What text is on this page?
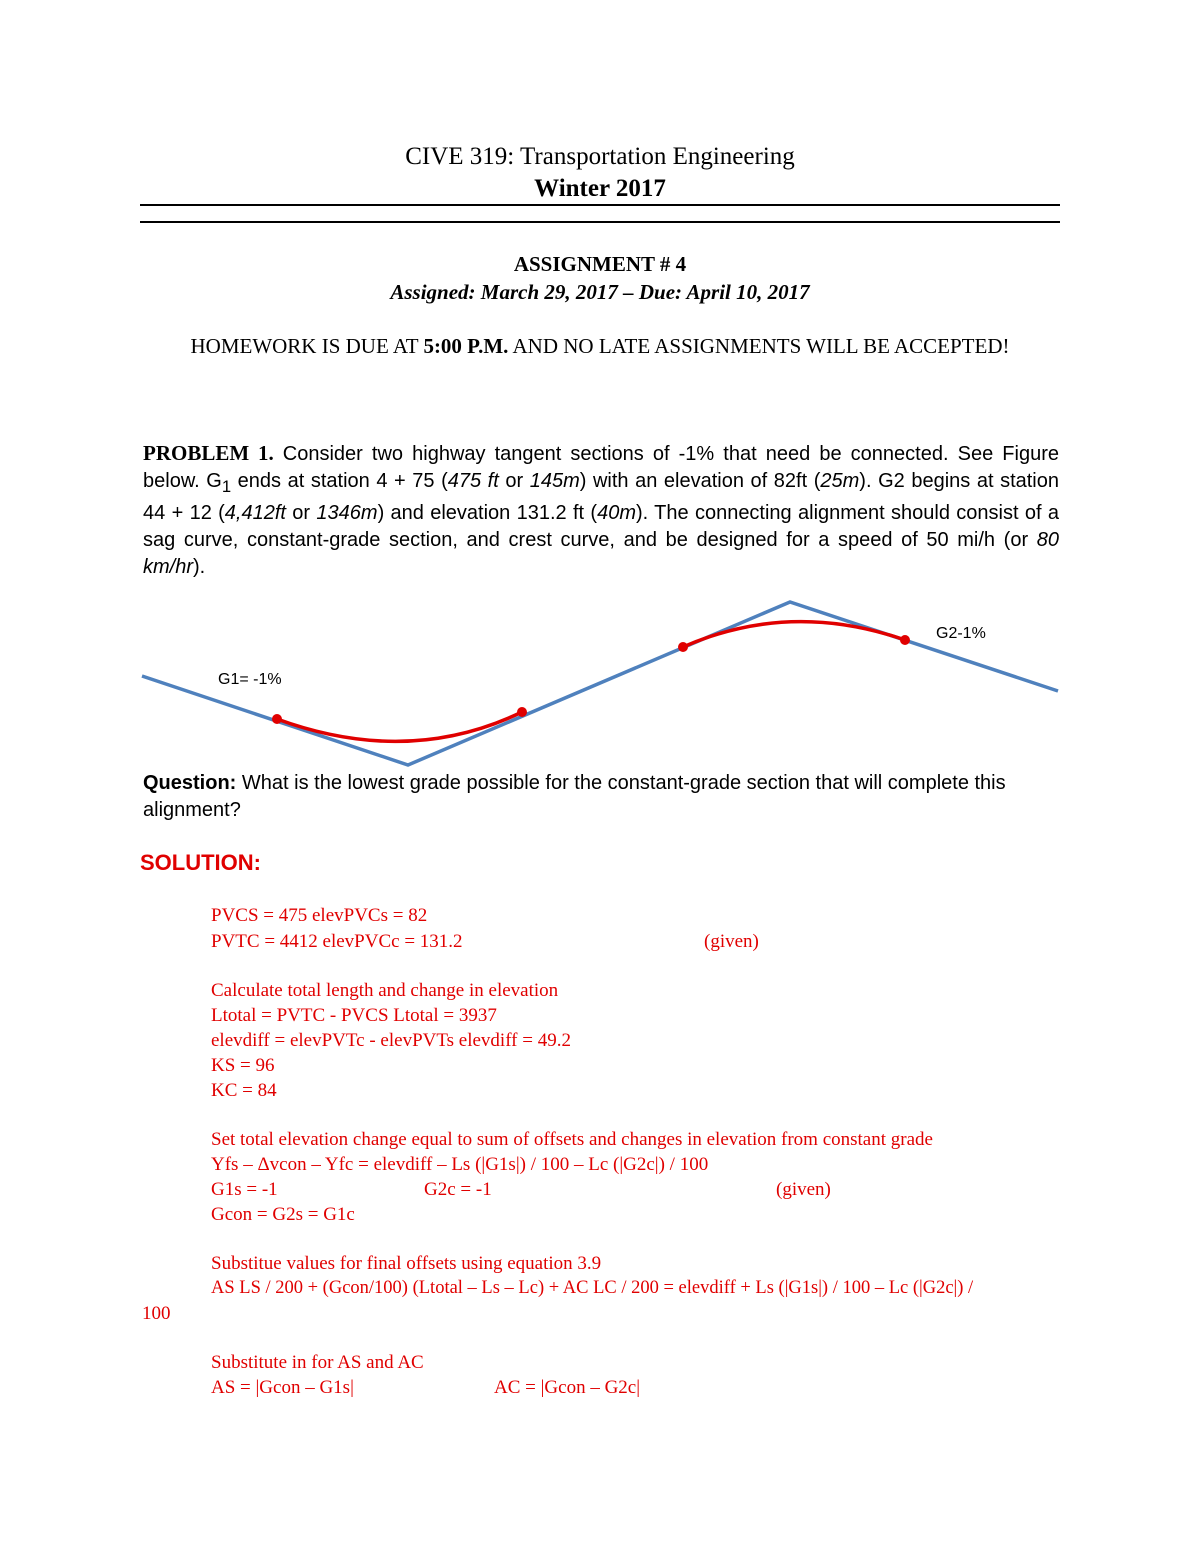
CIVE 319: Transportation Engineering
Winter 2017
ASSIGNMENT # 4
Assigned: March 29, 2017 – Due: April 10, 2017
HOMEWORK IS DUE AT 5:00 P.M. AND NO LATE ASSIGNMENTS WILL BE ACCEPTED!
PROBLEM 1. Consider two highway tangent sections of -1% that need be connected. See Figure below. $G_1$ ends at station 4 + 75 (475 ft or 145m) with an elevation of 82ft (25m). G2 begins at station 44 + 12 (4,412ft or 1346m) and elevation 131.2 ft (40m). The connecting alignment should consist of a sag curve, constant-grade section, and crest curve, and be designed for a speed of 50 mi/h (or 80 km/hr).
G1= -1%
G2-1%
Question: What is the lowest grade possible for the constant-grade section that will complete this alignment?
SOLUTION:
PVCS = 475 elevPVCs = 82
PVTC = 4412 elevPVCc = 131.2	(given)
Calculate total length and change in elevation
Ltotal = PVTC - PVCS Ltotal = 3937
elevdiff = elevPVTc - elevPVTs elevdiff = 49.2
KS = 96
KC = 84
Set total elevation change equal to sum of offsets and changes in elevation from constant grade
Yfs – Δvcon – Yfc = elevdiff – Ls (|G1s|) / 100 – Lc (|G2c|) / 100
G1s = -1	G2c = -1	(given)
Gcon = G2s = G1c
Substitue values for final offsets using equation 3.9
AS LS / 200 + (Gcon/100) (Ltotal – Ls – Lc) + AC LC / 200 = elevdiff + Ls (|G1s|) / 100 – Lc (|G2c|) /
100
Substitute in for AS and AC
AS = |Gcon – G1s|	AC = |Gcon – G2c|
